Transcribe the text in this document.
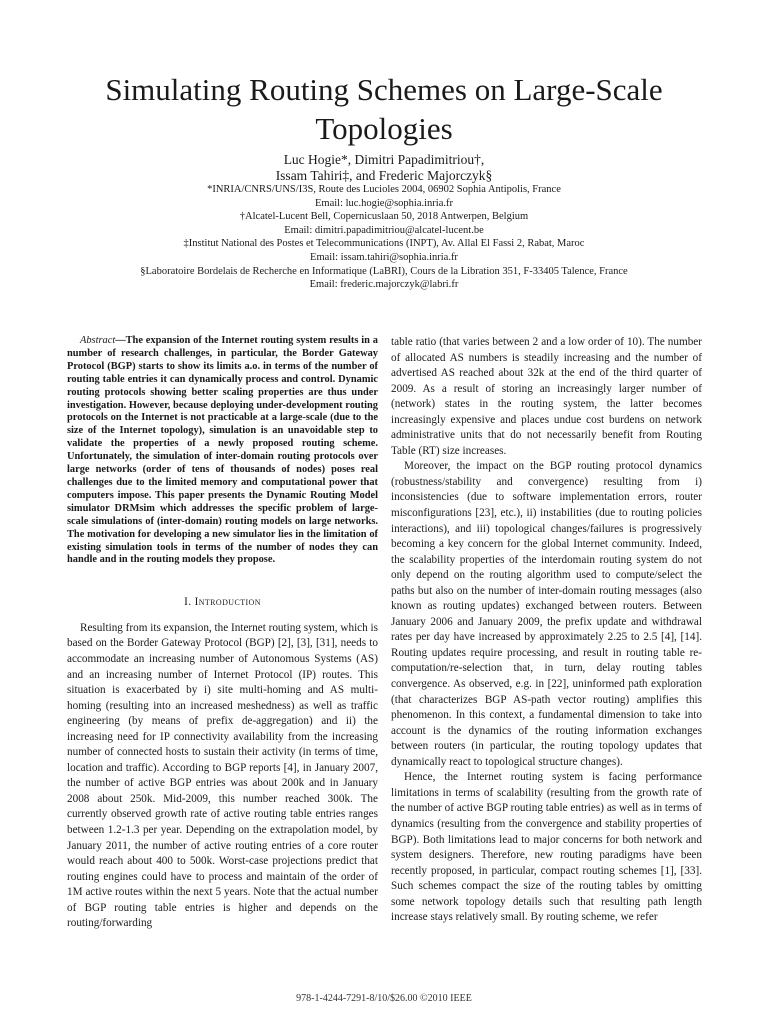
Simulating Routing Schemes on Large-Scale Topologies
Luc Hogie*, Dimitri Papadimitriou†,
Issam Tahiri‡, and Frederic Majorczyk§
*INRIA/CNRS/UNS/I3S, Route des Lucioles 2004, 06902 Sophia Antipolis, France
Email: luc.hogie@sophia.inria.fr
†Alcatel-Lucent Bell, Copernicuslaan 50, 2018 Antwerpen, Belgium
Email: dimitri.papadimitriou@alcatel-lucent.be
‡Institut National des Postes et Telecommunications (INPT), Av. Allal El Fassi 2, Rabat, Maroc
Email: issam.tahiri@sophia.inria.fr
§Laboratoire Bordelais de Recherche en Informatique (LaBRI), Cours de la Libration 351, F-33405 Talence, France
Email: frederic.majorczyk@labri.fr

Abstract—The expansion of the Internet routing system results in a number of research challenges, in particular, the Border Gateway Protocol (BGP) starts to show its limits a.o. in terms of the number of routing table entries it can dynamically process and control. Dynamic routing protocols showing better scaling properties are thus under investigation. However, because deploying under-development routing protocols on the Internet is not practicable at a large-scale (due to the size of the Internet topology), simulation is an unavoidable step to validate the properties of a newly proposed routing scheme. Unfortunately, the simulation of inter-domain routing protocols over large networks (order of tens of thousands of nodes) poses real challenges due to the limited memory and computational power that computers impose. This paper presents the Dynamic Routing Model simulator DRMsim which addresses the specific problem of large-scale simulations of (inter-domain) routing models on large networks. The motivation for developing a new simulator lies in the limitation of existing simulation tools in terms of the number of nodes they can handle and in the routing models they propose.

I. Introduction

Resulting from its expansion, the Internet routing system, which is based on the Border Gateway Protocol (BGP) [2], [3], [31], needs to accommodate an increasing number of Autonomous Systems (AS) and an increasing number of Internet Protocol (IP) routes. This situation is exacerbated by i) site multi-homing and AS multi-homing (resulting into an increased meshedness) as well as traffic engineering (by means of prefix de-aggregation) and ii) the increasing need for IP connectivity availability from the increasing number of connected hosts to sustain their activity (in terms of time, location and traffic). According to BGP reports [4], in January 2007, the number of active BGP entries was about 200k and in January 2008 about 250k. Mid-2009, this number reached 300k. The currently observed growth rate of active routing table entries ranges between 1.2-1.3 per year. Depending on the extrapolation model, by January 2011, the number of active routing entries of a core router would reach about 400 to 500k. Worst-case projections predict that routing engines could have to process and maintain of the order of 1M active routes within the next 5 years. Note that the actual number of BGP routing table entries is higher and depends on the routing/forwarding

table ratio (that varies between 2 and a low order of 10). The number of allocated AS numbers is steadily increasing and the number of advertised AS reached about 32k at the end of the third quarter of 2009. As a result of storing an increasingly larger number of (network) states in the routing system, the latter becomes increasingly expensive and places undue cost burdens on network administrative units that do not necessarily benefit from Routing Table (RT) size increases.

Moreover, the impact on the BGP routing protocol dynamics (robustness/stability and convergence) resulting from i) inconsistencies (due to software implementation errors, router misconfigurations [23], etc.), ii) instabilities (due to routing policies interactions), and iii) topological changes/failures is progressively becoming a key concern for the global Internet community. Indeed, the scalability properties of the interdomain routing system do not only depend on the routing algorithm used to compute/select the paths but also on the number of inter-domain routing messages (also known as routing updates) exchanged between routers. Between January 2006 and January 2009, the prefix update and withdrawal rates per day have increased by approximately 2.25 to 2.5 [4], [14]. Routing updates require processing, and result in routing table re-computation/re-selection that, in turn, delay routing tables convergence. As observed, e.g. in [22], uninformed path exploration (that characterizes BGP AS-path vector routing) amplifies this phenomenon. In this context, a fundamental dimension to take into account is the dynamics of the routing information exchanges between routers (in particular, the routing topology updates that dynamically react to topological structure changes).

Hence, the Internet routing system is facing performance limitations in terms of scalability (resulting from the growth rate of the number of active BGP routing table entries) as well as in terms of dynamics (resulting from the convergence and stability properties of BGP). Both limitations lead to major concerns for both network and system designers. Therefore, new routing paradigms have been recently proposed, in particular, compact routing schemes [1], [33]. Such schemes compact the size of the routing tables by omitting some network topology details such that resulting path length increase stays relatively small. By routing scheme, we refer

978-1-4244-7291-8/10/$26.00 ©2010 IEEE
